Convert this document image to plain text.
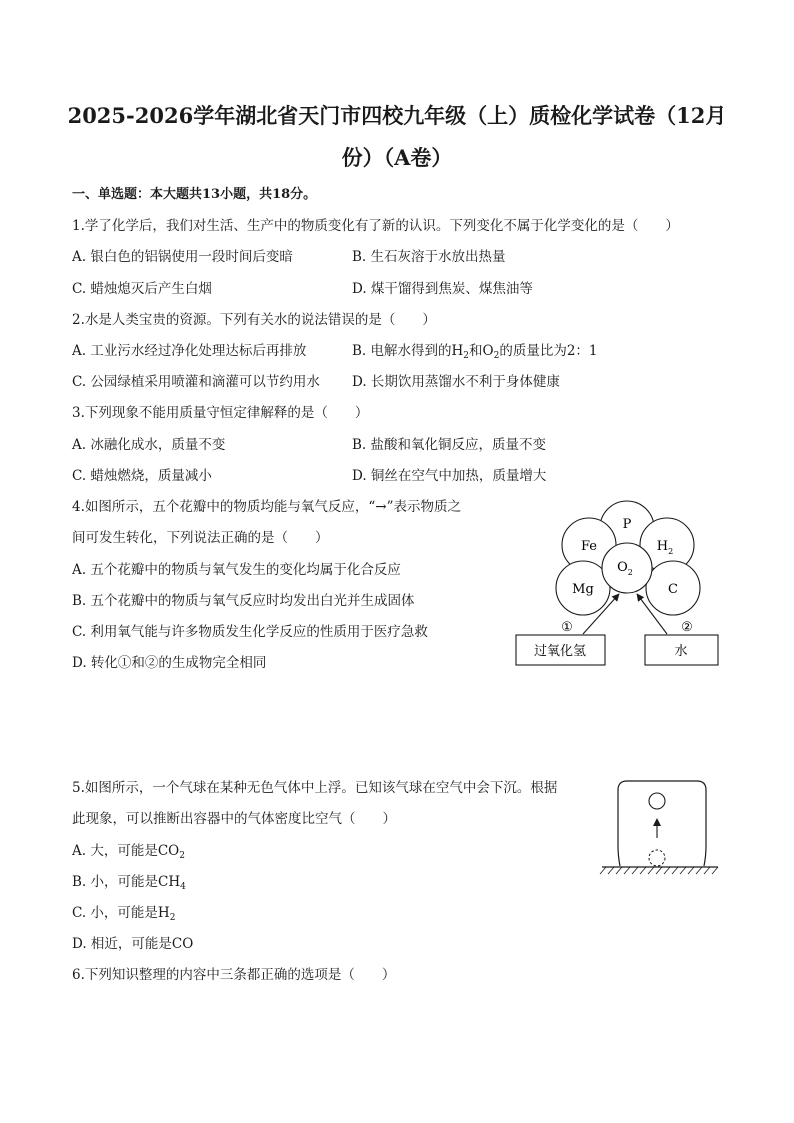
2025-2026学年湖北省天门市四校九年级（上）质检化学试卷（12月
份）（A卷）
一、单选题：本大题共13小题，共18分。
1.学了化学后，我们对生活、生产中的物质变化有了新的认识。下列变化不属于化学变化的是（　　）
A. 银白色的铝锅使用一段时间后变暗	B. 生石灰溶于水放出热量
C. 蜡烛熄灭后产生白烟	D. 煤干馏得到焦炭、煤焦油等
2.水是人类宝贵的资源。下列有关水的说法错误的是（　　）
A. 工业污水经过净化处理达标后再排放	B. 电解水得到的$H_2$和$O_2$的质量比为2：1
C. 公园绿植采用喷灌和滴灌可以节约用水 D. 长期饮用蒸馏水不利于身体健康
3.下列现象不能用质量守恒定律解释的是（　　）
A. 冰融化成水，质量不变	B. 盐酸和氧化铜反应，质量不变
C. 蜡烛燃烧，质量减小	D. 铜丝在空气中加热，质量增大
4.如图所示，五个花瓣中的物质均能与氧气反应，“→”表示物质之
间可发生转化，下列说法正确的是（　　）
A. 五个花瓣中的物质与氧气发生的变化均属于化合反应
B. 五个花瓣中的物质与氧气反应时均发出白光并生成固体
C. 利用氧气能与许多物质发生化学反应的性质用于医疗急救
D. 转化①和②的生成物完全相同
P
Fe	$H_2$
Mg	C
$O_2$
①	②
过氧化氢	水
5.如图所示，一个气球在某种无色气体中上浮。已知该气球在空气中会下沉。根据
此现象，可以推断出容器中的气体密度比空气（　　）
A. 大，可能是$CO_2$
B. 小，可能是$CH_4$
C. 小，可能是$H_2$
D. 相近，可能是CO
6.下列知识整理的内容中三条都正确的选项是（　　）
